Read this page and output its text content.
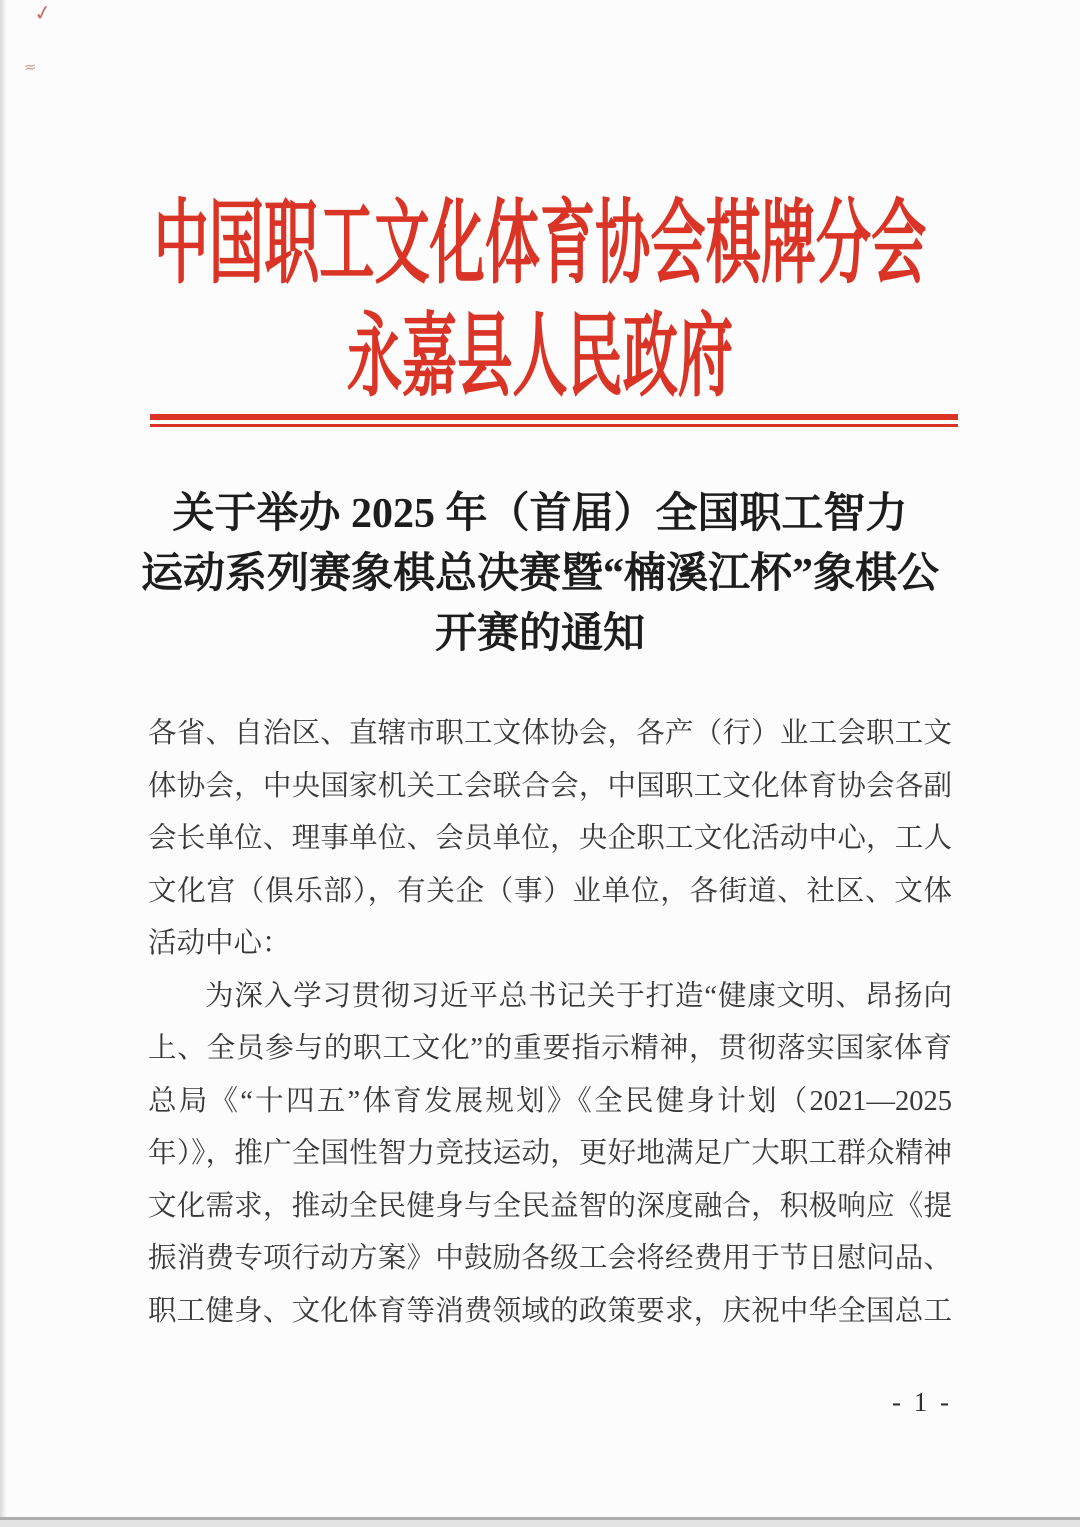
✓
≈
中国职工文化体育协会棋牌分会
永嘉县人民政府
关于举办 2025 年（首届）全国职工智力
运动系列赛象棋总决赛暨“楠溪江杯”象棋公
开赛的通知
各省、自治区、直辖市职工文体协会，各产（行）业工会职工文
体协会，中央国家机关工会联合会，中国职工文化体育协会各副
会长单位、理事单位、会员单位，央企职工文化活动中心，工人
文化宫（俱乐部），有关企（事）业单位，各街道、社区、文体
活动中心：
为深入学习贯彻习近平总书记关于打造“健康文明、昂扬向
上、全员参与的职工文化”的重要指示精神，贯彻落实国家体育
总局《“十四五”体育发展规划》《全民健身计划（2021—2025
年）》，推广全国性智力竞技运动，更好地满足广大职工群众精神
文化需求，推动全民健身与全民益智的深度融合，积极响应《提
振消费专项行动方案》中鼓励各级工会将经费用于节日慰问品、
职工健身、文化体育等消费领域的政策要求，庆祝中华全国总工
- 1 -
